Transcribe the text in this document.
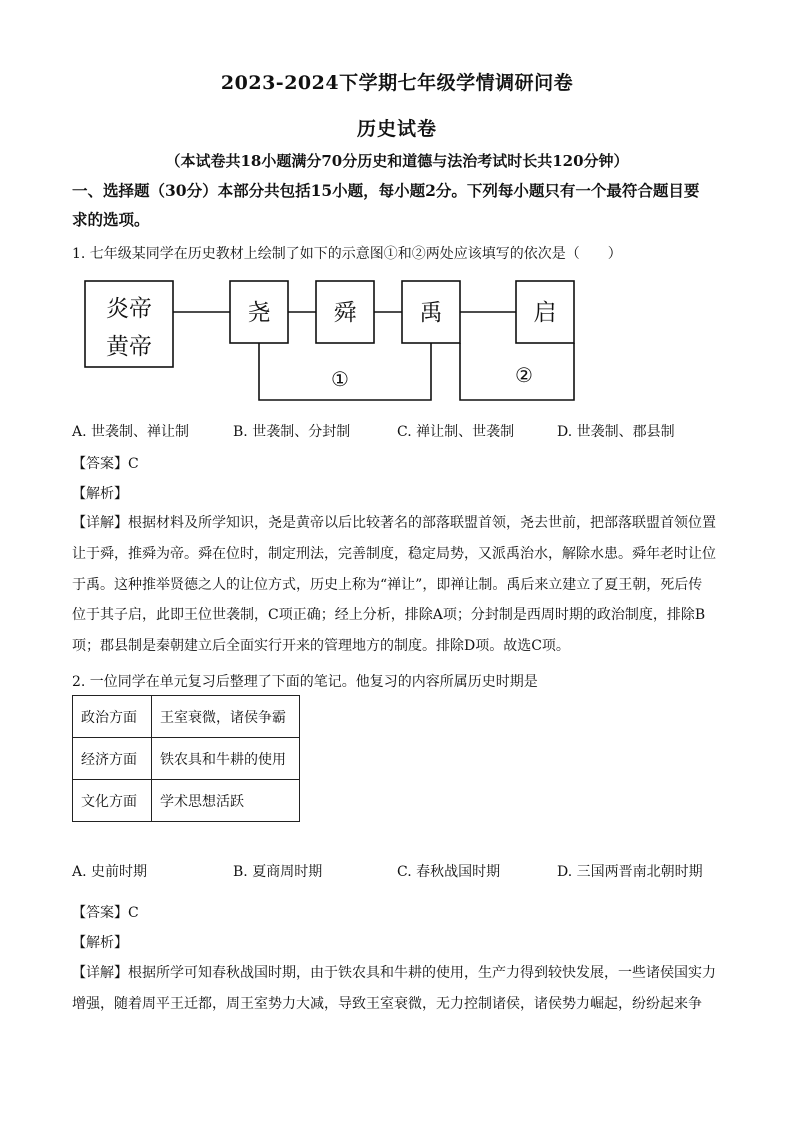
2023-2024下学期七年级学情调研问卷
历史试卷
（本试卷共18小题满分70分历史和道德与法治考试时长共120分钟）
一、选择题（30分）本部分共包括15小题，每小题2分。下列每小题只有一个最符合题目要
求的选项。
1. 七年级某同学在历史教材上绘制了如下的示意图①和②两处应该填写的依次是（　　）
炎帝
黄帝
尧	舜	禹	启
①	②
A. 世袭制、禅让制	B. 世袭制、分封制	C. 禅让制、世袭制	D. 世袭制、郡县制
【答案】C
【解析】
【详解】根据材料及所学知识，尧是黄帝以后比较著名的部落联盟首领，尧去世前，把部落联盟首领位置
让于舜，推舜为帝。舜在位时，制定刑法，完善制度，稳定局势，又派禹治水，解除水患。舜年老时让位
于禹。这种推举贤德之人的让位方式，历史上称为“禅让”，即禅让制。禹后来立建立了夏王朝，死后传
位于其子启，此即王位世袭制，C项正确；经上分析，排除A项；分封制是西周时期的政治制度，排除B
项；郡县制是秦朝建立后全面实行开来的管理地方的制度。排除D项。故选C项。
2. 一位同学在单元复习后整理了下面的笔记。他复习的内容所属历史时期是
政治方面	王室衰微，诸侯争霸
经济方面	铁农具和牛耕的使用
文化方面	学术思想活跃
A. 史前时期	B. 夏商周时期	C. 春秋战国时期	D. 三国两晋南北朝时期
【答案】C
【解析】
【详解】根据所学可知春秋战国时期，由于铁农具和牛耕的使用，生产力得到较快发展，一些诸侯国实力
增强，随着周平王迁都，周王室势力大减，导致王室衰微，无力控制诸侯，诸侯势力崛起，纷纷起来争
